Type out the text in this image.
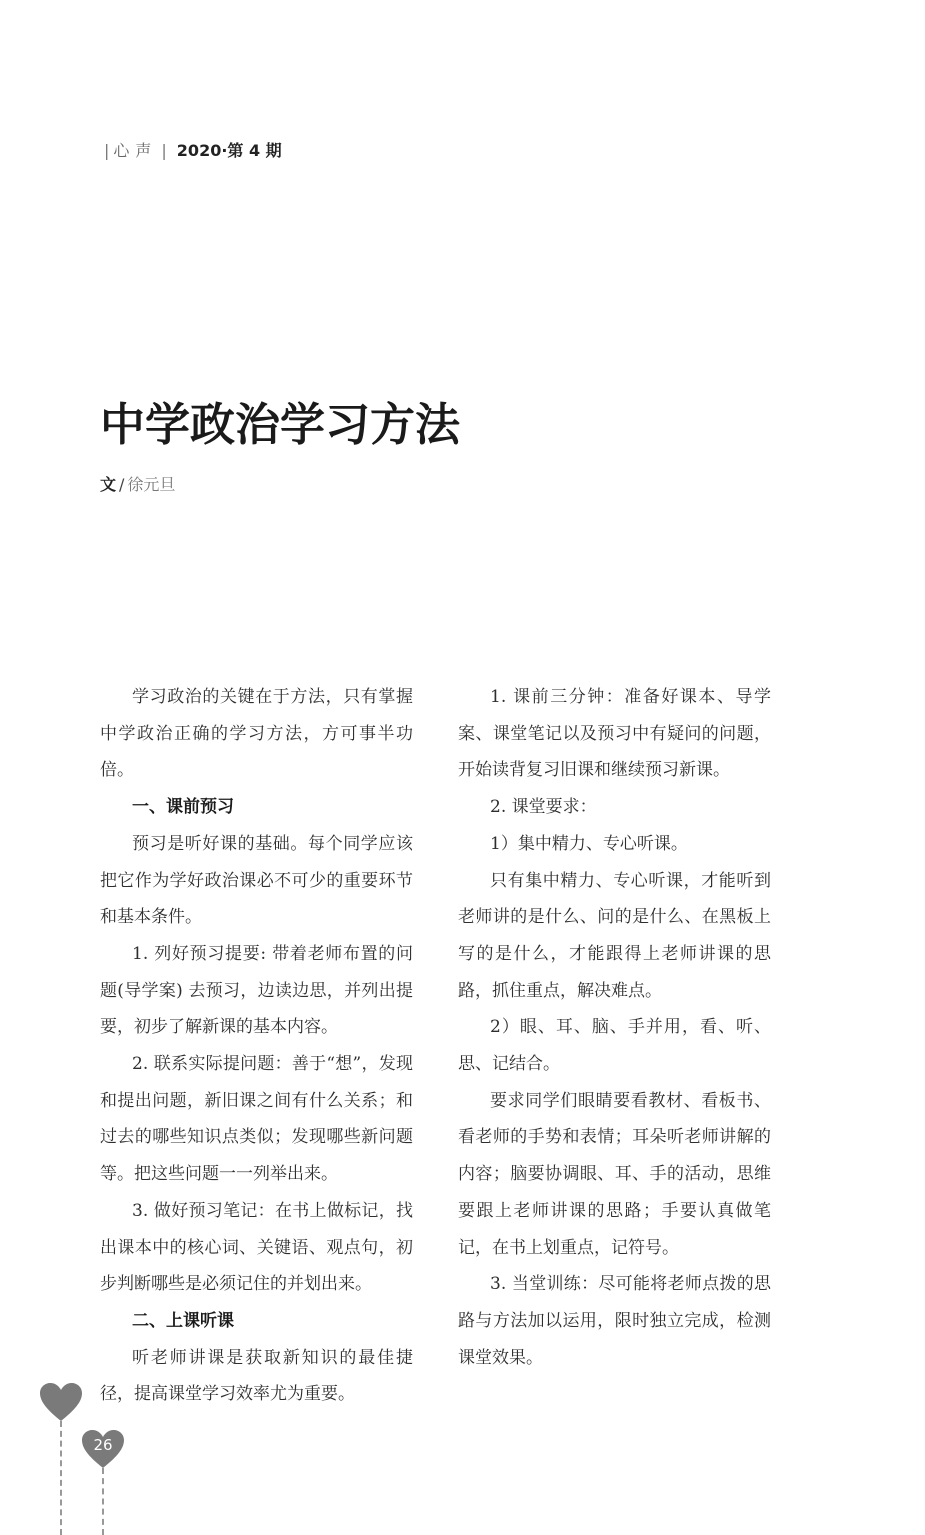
| 心声 | 2020·第 4 期
中学政治学习方法
文 / 徐元旦

学习政治的关键在于方法，只有掌握中学政治正确的学习方法，方可事半功倍。

一、课前预习

预习是听好课的基础。每个同学应该把它作为学好政治课必不可少的重要环节和基本条件。

1. 列好预习提要: 带着老师布置的问题(导学案) 去预习，边读边思，并列出提要，初步了解新课的基本内容。

2. 联系实际提问题：善于“想”，发现和提出问题，新旧课之间有什么关系；和过去的哪些知识点类似；发现哪些新问题等。把这些问题一一列举出来。

3. 做好预习笔记：在书上做标记，找出课本中的核心词、关键语、观点句，初步判断哪些是必须记住的并划出来。

二、上课听课

听老师讲课是获取新知识的最佳捷径，提高课堂学习效率尤为重要。

1. 课前三分钟：准备好课本、导学案、课堂笔记以及预习中有疑问的问题，开始读背复习旧课和继续预习新课。

2. 课堂要求：

1）集中精力、专心听课。

只有集中精力、专心听课，才能听到老师讲的是什么、问的是什么、在黑板上写的是什么，才能跟得上老师讲课的思路，抓住重点，解决难点。

2）眼、耳、脑、手并用，看、听、思、记结合。

要求同学们眼睛要看教材、看板书、看老师的手势和表情；耳朵听老师讲解的内容；脑要协调眼、耳、手的活动，思维要跟上老师讲课的思路；手要认真做笔记，在书上划重点，记符号。

3. 当堂训练：尽可能将老师点拨的思路与方法加以运用，限时独立完成，检测课堂效果。

26
